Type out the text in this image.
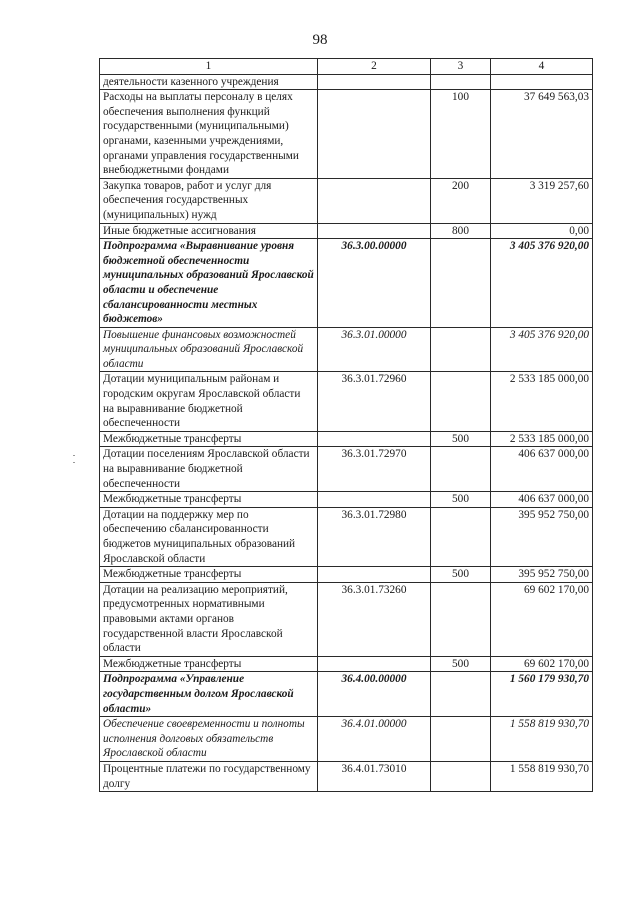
98
1	2	3	4
деятельности казенного учреждения			
Расходы на выплаты персоналу в целях обеспечения выполнения функций государственными (муниципальными) органами, казенными учреждениями, органами управления государственными внебюджетными фондами		100	37 649 563,03
Закупка товаров, работ и услуг для обеспечения государственных (муниципальных) нужд		200	3 319 257,60
Иные бюджетные ассигнования		800	0,00
Подпрограмма «Выравнивание уровня бюджетной обеспеченности муниципальных образований Ярославской области и обеспечение сбалансированности местных бюджетов»	36.3.00.00000		3 405 376 920,00
Повышение финансовых возможностей муниципальных образований Ярославской области	36.3.01.00000		3 405 376 920,00
Дотации муниципальным районам и городским округам Ярославской области на выравнивание бюджетной обеспеченности	36.3.01.72960		2 533 185 000,00
Межбюджетные трансферты		500	2 533 185 000,00
Дотации поселениям Ярославской области на выравнивание бюджетной обеспеченности	36.3.01.72970		406 637 000,00
Межбюджетные трансферты		500	406 637 000,00
Дотации на поддержку мер по обеспечению сбалансированности бюджетов муниципальных образований Ярославской области	36.3.01.72980		395 952 750,00
Межбюджетные трансферты		500	395 952 750,00
Дотации на реализацию мероприятий, предусмотренных нормативными правовыми актами органов государственной власти Ярославской области	36.3.01.73260		69 602 170,00
Межбюджетные трансферты		500	69 602 170,00
Подпрограмма «Управление государственным долгом Ярославской области»	36.4.00.00000		1 560 179 930,70
Обеспечение своевременности и полноты исполнения долговых обязательств Ярославской области	36.4.01.00000		1 558 819 930,70
Процентные платежи по государственному долгу	36.4.01.73010		1 558 819 930,70
